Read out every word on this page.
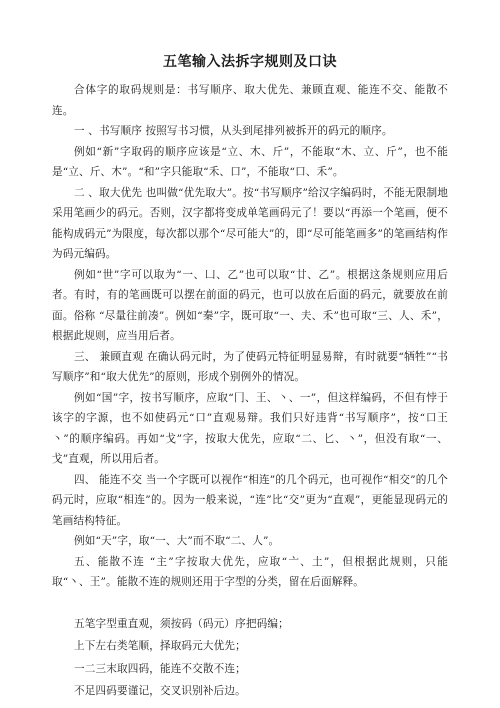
五笔输入法拆字规则及口诀

合体字的取码规则是：书写顺序、取大优先、兼顾直观、能连不交、能散不连。

一 、书写顺序 按照写书习惯，从头到尾排列被拆开的码元的顺序。

例如“新”字取码的顺序应该是“立、木、斤”，不能取“木、立、斤”，也不能是“立、斤、木”。“和”字只能取“禾、口”，不能取“口、禾”。

二 、取大优先 也叫做“优先取大”。按“书写顺序”给汉字编码时，不能无限制地采用笔画少的码元。否则，汉字都将变成单笔画码元了！要以“再添一个笔画，便不能构成码元”为限度，每次都以那个“尽可能大”的，即“尽可能笔画多”的笔画结构作为码元编码。

例如“世”字可以取为“一、凵、乙”也可以取“廿、乙”。根据这条规则应用后者。有时，有的笔画既可以摆在前面的码元，也可以放在后面的码元，就要放在前面。俗称 “尽量往前凑”。例如“秦”字，既可取“一、夫、禾”也可取“三、人、禾”，根据此规则，应当用后者。

三、 兼顾直观 在确认码元时，为了使码元特征明显易辩，有时就要“牺牲”“书写顺序”和“取大优先”的原则，形成个别例外的情况。

例如“国”字，按书写顺序，应取“冂、王、丶、一”，但这样编码，不但有悖于该字的字源，也不如使码元“口”直观易辩。我们只好违背“书写顺序”，按“口王丶”的顺序编码。再如“戈”字，按取大优先，应取“二、匕、丶”，但没有取“一、戈”直观，所以用后者。

四、 能连不交 当一个字既可以视作“相连”的几个码元，也可视作“相交”的几个码元时，应取“相连”的。因为一般来说，“连”比“交”更为“直观”，更能显现码元的笔画结构特征。

例如“天”字，取“一、大”而不取“二、人”。

五、能散不连 “主”字按取大优先，应取“亠、土”，但根据此规则，只能取“丶、王”。能散不连的规则还用于字型的分类，留在后面解释。

五笔字型重直观，须按码（码元）序把码编；

上下左右类笔顺，择取码元大优先；

一二三末取四码，能连不交散不连；

不足四码要谨记，交叉识别补后边。
